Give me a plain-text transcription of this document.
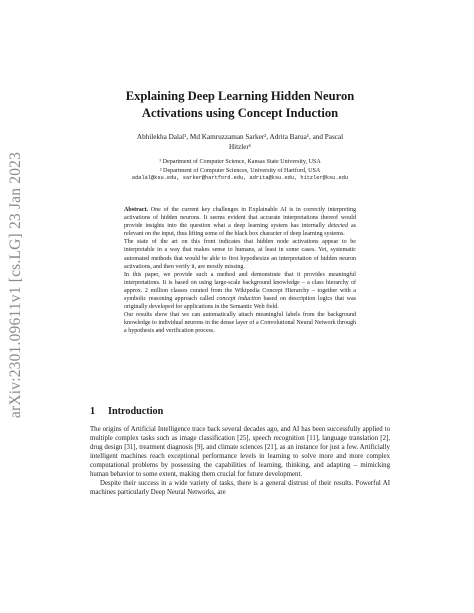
arXiv:2301.09611v1 [cs.LG] 23 Jan 2023
Explaining Deep Learning Hidden Neuron
Activations using Concept Induction
Abhilekha Dalal¹, Md Kamruzzaman Sarker², Adrita Barua¹, and Pascal
Hitzler¹
¹ Department of Computer Science, Kansas State University, USA
² Department of Computer Sciences, University of Hartford, USA
adalal@ksu.edu, sarker@hartford.edu, adrita@ksu.edu, hitzler@ksu.edu

Abstract. One of the current key challenges in Explainable AI is in correctly interpreting activations of hidden neurons. It seems evident that accurate interpretations thereof would provide insights into the question what a deep learning system has internally detected as relevant on the input, thus lifting some of the black box character of deep learning systems.

The state of the art on this front indicates that hidden node activations appear to be interpretable in a way that makes sense to humans, at least in some cases. Yet, systematic automated methods that would be able to first hypothesize an interpretation of hidden neuron activations, and then verify it, are mostly missing.

In this paper, we provide such a method and demonstrate that it provides meaningful interpretations. It is based on using large-scale background knowledge – a class hierarchy of approx. 2 million classes curated from the Wikipedia Concept Hierarchy – together with a symbolic reasoning approach called concept induction based on description logics that was originally developed for applications in the Semantic Web field.

Our results show that we can automatically attach meaningful labels from the background knowledge to individual neurons in the dense layer of a Convolutional Neural Network through a hypothesis and verification process.

1 Introduction

The origins of Artificial Intelligence trace back several decades ago, and AI has been successfully applied to multiple complex tasks such as image classification [25], speech recognition [11], language translation [2], drug design [31], treatment diagnosis [9], and climate sciences [21], as an instance for just a few. Artificially intelligent machines reach exceptional performance levels in learning to solve more and more complex computational problems by possessing the capabilities of learning, thinking, and adapting – mimicking human behavior to some extent, making them crucial for future development.

Despite their success in a wide variety of tasks, there is a general distrust of their results. Powerful AI machines particularly Deep Neural Networks, are
